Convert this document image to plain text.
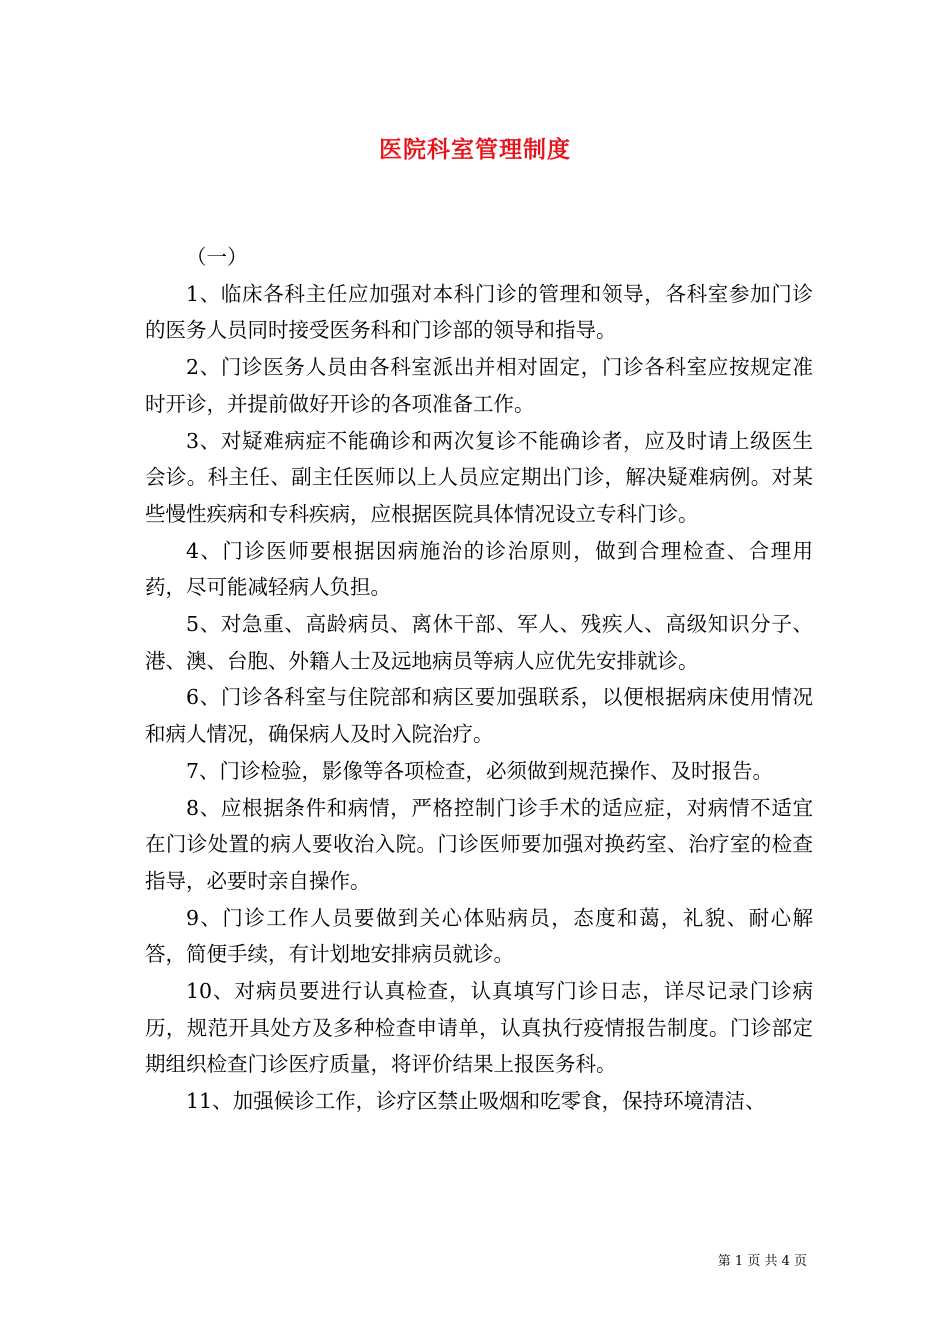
医院科室管理制度

（一）

1、临床各科主任应加强对本科门诊的管理和领导，各科室参加门诊的医务人员同时接受医务科和门诊部的领导和指导。

2、门诊医务人员由各科室派出并相对固定，门诊各科室应按规定准时开诊，并提前做好开诊的各项准备工作。

3、对疑难病症不能确诊和两次复诊不能确诊者，应及时请上级医生会诊。科主任、副主任医师以上人员应定期出门诊，解决疑难病例。对某些慢性疾病和专科疾病，应根据医院具体情况设立专科门诊。

4、门诊医师要根据因病施治的诊治原则，做到合理检查、合理用药，尽可能减轻病人负担。

5、对急重、高龄病员、离休干部、军人、残疾人、高级知识分子、港、澳、台胞、外籍人士及远地病员等病人应优先安排就诊。

6、门诊各科室与住院部和病区要加强联系，以便根据病床使用情况和病人情况，确保病人及时入院治疗。

7、门诊检验，影像等各项检查，必须做到规范操作、及时报告。

8、应根据条件和病情，严格控制门诊手术的适应症，对病情不适宜在门诊处置的病人要收治入院。门诊医师要加强对换药室、治疗室的检查指导，必要时亲自操作。

9、门诊工作人员要做到关心体贴病员，态度和蔼，礼貌、耐心解答，简便手续，有计划地安排病员就诊。

10、对病员要进行认真检查，认真填写门诊日志，详尽记录门诊病历，规范开具处方及多种检查申请单，认真执行疫情报告制度。门诊部定期组织检查门诊医疗质量，将评价结果上报医务科。

11、加强候诊工作，诊疗区禁止吸烟和吃零食，保持环境清洁、

第 1 页 共 4 页
